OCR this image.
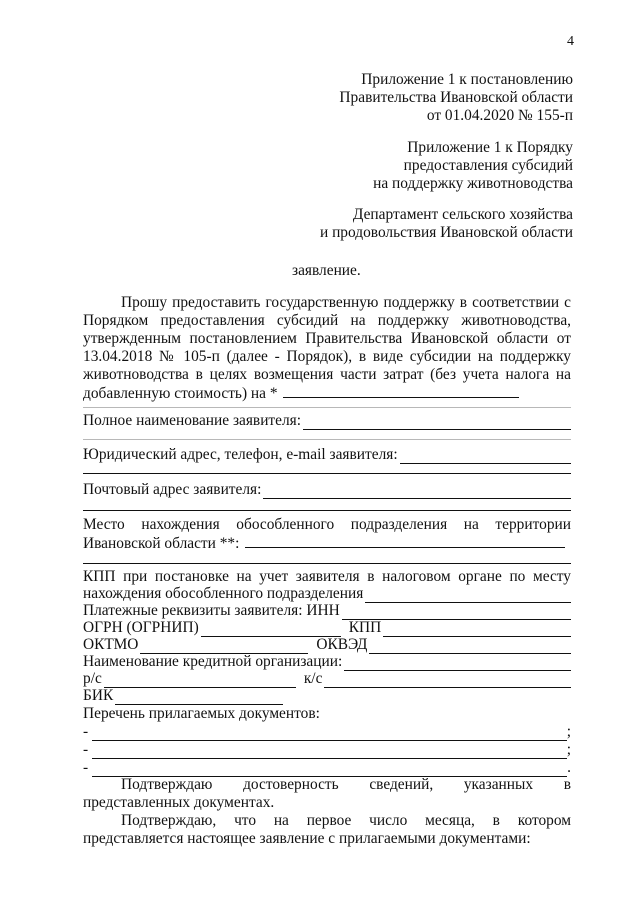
4
Приложение 1 к постановлению
Правительства Ивановской области
от 01.04.2020 № 155-п
Приложение 1 к Порядку
предоставления субсидий
на поддержку животноводства
Департамент сельского хозяйства
и продовольствия Ивановской области
заявление.
Прошу предоставить государственную поддержку в соответствии с Порядком предоставления субсидий на поддержку животноводства, утвержденным постановлением Правительства Ивановской области от 13.04.2018 № 105-п (далее - Порядок), в виде субсидии на поддержку животноводства в целях возмещения части затрат (без учета налога на добавленную стоимость) на *
Полное наименование заявителя:
Юридический адрес, телефон, e-mail заявителя:
Почтовый адрес заявителя:
Место нахождения обособленного подразделения на территории Ивановской области **:
КПП при постановке на учет заявителя в налоговом органе по месту
нахождения обособленного подразделения
Платежные реквизиты заявителя: ИНН
ОГРН (ОГРНИП)	КПП
ОКТМО	ОКВЭД
Наименование кредитной организации:
р/с	к/с
БИК
Перечень прилагаемых документов:
-	;
-	;
-	.
Подтверждаю достоверность сведений, указанных в представленных документах.
Подтверждаю, что на первое число месяца, в котором представляется настоящее заявление с прилагаемыми документами:
